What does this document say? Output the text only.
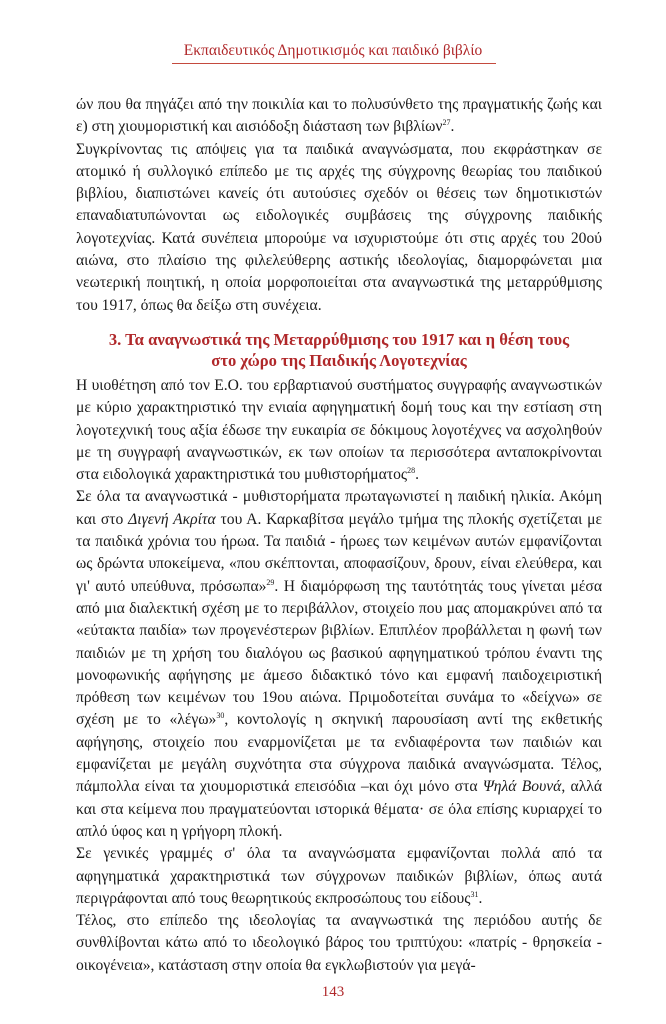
Εκπαιδευτικός Δημοτικισμός και παιδικό βιβλίο

ών που θα πηγάζει από την ποικιλία και το πολυσύνθετο της πραγματικής ζωής και ε) στη χιουμοριστική και αισιόδοξη διάσταση των βιβλίων$^{27}$.

Συγκρίνοντας τις απόψεις για τα παιδικά αναγνώσματα, που εκφράστηκαν σε ατομικό ή συλλογικό επίπεδο με τις αρχές της σύγχρονης θεωρίας του παιδικού βιβλίου, διαπιστώνει κανείς ότι αυτούσιες σχεδόν οι θέσεις των δημοτικιστών επαναδιατυπώνονται ως ειδολογικές συμβάσεις της σύγχρονης παιδικής λογοτεχνίας. Κατά συνέπεια μπορούμε να ισχυριστούμε ότι στις αρχές του 20ού αιώνα, στο πλαίσιο της φιλελεύθερης αστικής ιδεολογίας, διαμορφώνεται μια νεωτερική ποιητική, η οποία μορφοποιείται στα αναγνωστικά της μεταρρύθμισης του 1917, όπως θα δείξω στη συνέχεια.

3. Τα αναγνωστικά της Μεταρρύθμισης του 1917 και η θέση τους
στο χώρο της Παιδικής Λογοτεχνίας

Η υιοθέτηση από τον Ε.Ο. του ερβαρτιανού συστήματος συγγραφής αναγνωστικών με κύριο χαρακτηριστικό την ενιαία αφηγηματική δομή τους και την εστίαση στη λογοτεχνική τους αξία έδωσε την ευκαιρία σε δόκιμους λογοτέχνες να ασχοληθούν με τη συγγραφή αναγνωστικών, εκ των οποίων τα περισσότερα ανταποκρίνονται στα ειδολογικά χαρακτηριστικά του μυθιστορήματος$^{28}$.

Σε όλα τα αναγνωστικά - μυθιστορήματα πρωταγωνιστεί η παιδική ηλικία. Ακόμη και στο Διγενή Ακρίτα του Α. Καρκαβίτσα μεγάλο τμήμα της πλοκής σχετίζεται με τα παιδικά χρόνια του ήρωα. Τα παιδιά - ήρωες των κειμένων αυτών εμφανίζονται ως δρώντα υποκείμενα, «που σκέπτονται, αποφασίζουν, δρουν, είναι ελεύθερα, και γι' αυτό υπεύθυνα, πρόσωπα»$^{29}$. Η διαμόρφωση της ταυτότητάς τους γίνεται μέσα από μια διαλεκτική σχέση με το περιβάλλον, στοιχείο που μας απομακρύνει από τα «εύτακτα παιδία» των προγενέστερων βιβλίων. Επιπλέον προβάλλεται η φωνή των παιδιών με τη χρήση του διαλόγου ως βασικού αφηγηματικού τρόπου έναντι της μονοφωνικής αφήγησης με άμεσο διδακτικό τόνο και εμφανή παιδοχειριστική πρόθεση των κειμένων του 19ου αιώνα. Πριμοδοτείται συνάμα το «δείχνω» σε σχέση με το «λέγω»$^{30}$, κοντολογίς η σκηνική παρουσίαση αντί της εκθετικής αφήγησης, στοιχείο που εναρμονίζεται με τα ενδιαφέροντα των παιδιών και εμφανίζεται με μεγάλη συχνότητα στα σύγχρονα παιδικά αναγνώσματα. Τέλος, πάμπολλα είναι τα χιουμοριστικά επεισόδια –και όχι μόνο στα Ψηλά Βουνά, αλλά και στα κείμενα που πραγματεύονται ιστορικά θέματα· σε όλα επίσης κυριαρχεί το απλό ύφος και η γρήγορη πλοκή.

Σε γενικές γραμμές σ' όλα τα αναγνώσματα εμφανίζονται πολλά από τα αφηγηματικά χαρακτηριστικά των σύγχρονων παιδικών βιβλίων, όπως αυτά περιγράφονται από τους θεωρητικούς εκπροσώπους του είδους$^{31}$.

Τέλος, στο επίπεδο της ιδεολογίας τα αναγνωστικά της περιόδου αυτής δε συνθλίβονται κάτω από το ιδεολογικό βάρος του τριπτύχου: «πατρίς - θρησκεία - οικογένεια», κατάσταση στην οποία θα εγκλωβιστούν για μεγά-

143
